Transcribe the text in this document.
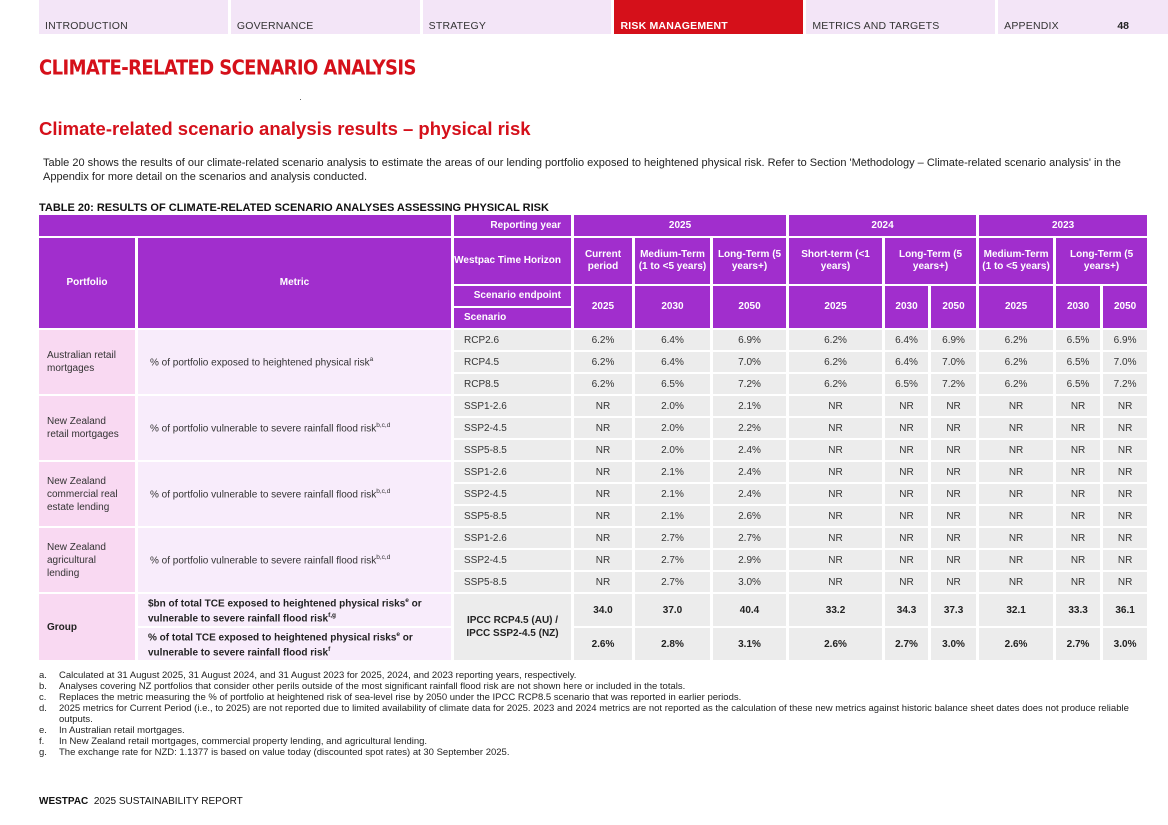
INTRODUCTION	GOVERNANCE	STRATEGY	RISK MANAGEMENT	METRICS AND TARGETS	APPENDIX	48
CLIMATE-RELATED SCENARIO ANALYSIS
Climate-related scenario analysis results – physical risk
Table 20 shows the results of our climate-related scenario analysis to estimate the areas of our lending portfolio exposed to heightened physical risk. Refer to Section 'Methodology – Climate-related scenario analysis' in the Appendix for more detail on the scenarios and analysis conducted.
TABLE 20: RESULTS OF CLIMATE-RELATED SCENARIO ANALYSES ASSESSING PHYSICAL RISK
		Reporting year	2025			2024			2023		
Portfolio	Metric	Westpac Time Horizon	Current period	Medium-Term (1 to <5 years)	Long-Term (5 years+)	Short-term (<1 years)	Long-Term (5 years+)		Medium-Term (1 to <5 years)	Long-Term (5 years+)	
		Scenario endpoint	2025	2030	2050	2025	2030	2050	2025	2030	2050
		Scenario									
Australian retail mortgages	% of portfolio exposed to heightened physical risk$^a$	RCP2.6	6.2%	6.4%	6.9%	6.2%	6.4%	6.9%	6.2%	6.5%	6.9%
		RCP4.5	6.2%	6.4%	7.0%	6.2%	6.4%	7.0%	6.2%	6.5%	7.0%
		RCP8.5	6.2%	6.5%	7.2%	6.2%	6.5%	7.2%	6.2%	6.5%	7.2%
New Zealand retail mortgages	% of portfolio vulnerable to severe rainfall flood risk$^{b,c,d}$	SSP1-2.6	NR	2.0%	2.1%	NR	NR	NR	NR	NR	NR
		SSP2-4.5	NR	2.0%	2.2%	NR	NR	NR	NR	NR	NR
		SSP5-8.5	NR	2.0%	2.4%	NR	NR	NR	NR	NR	NR
New Zealand commercial real estate lending	% of portfolio vulnerable to severe rainfall flood risk$^{b,c,d}$	SSP1-2.6	NR	2.1%	2.4%	NR	NR	NR	NR	NR	NR
		SSP2-4.5	NR	2.1%	2.4%	NR	NR	NR	NR	NR	NR
		SSP5-8.5	NR	2.1%	2.6%	NR	NR	NR	NR	NR	NR
New Zealand agricultural lending	% of portfolio vulnerable to severe rainfall flood risk$^{b,c,d}$	SSP1-2.6	NR	2.7%	2.7%	NR	NR	NR	NR	NR	NR
		SSP2-4.5	NR	2.7%	2.9%	NR	NR	NR	NR	NR	NR
		SSP5-8.5	NR	2.7%	3.0%	NR	NR	NR	NR	NR	NR
Group	$bn of total TCE exposed to heightened physical risks$^e$ or vulnerable to severe rainfall flood risk$^{f,g}$	IPCC RCP4.5 (AU) / IPCC SSP2-4.5 (NZ)	34.0	37.0	40.4	33.2	34.3	37.3	32.1	33.3	36.1
	% of total TCE exposed to heightened physical risks$^e$ or vulnerable to severe rainfall flood risk$^f$		2.6%	2.8%	3.1%	2.6%	2.7%	3.0%	2.6%	2.7%	3.0%
a.	Calculated at 31 August 2025, 31 August 2024, and 31 August 2023 for 2025, 2024, and 2023 reporting years, respectively.
b.	Analyses covering NZ portfolios that consider other perils outside of the most significant rainfall flood risk are not shown here or included in the totals.
c.	Replaces the metric measuring the % of portfolio at heightened risk of sea-level rise by 2050 under the IPCC RCP8.5 scenario that was reported in earlier periods.
d.	2025 metrics for Current Period (i.e., to 2025) are not reported due to limited availability of climate data for 2025. 2023 and 2024 metrics are not reported as the calculation of these new metrics against historic balance sheet dates does not produce reliable outputs.
e.	In Australian retail mortgages.
f.	In New Zealand retail mortgages, commercial property lending, and agricultural lending.
g.	The exchange rate for NZD: 1.1377 is based on value today (discounted spot rates) at 30 September 2025.
WESTPAC 2025 SUSTAINABILITY REPORT
